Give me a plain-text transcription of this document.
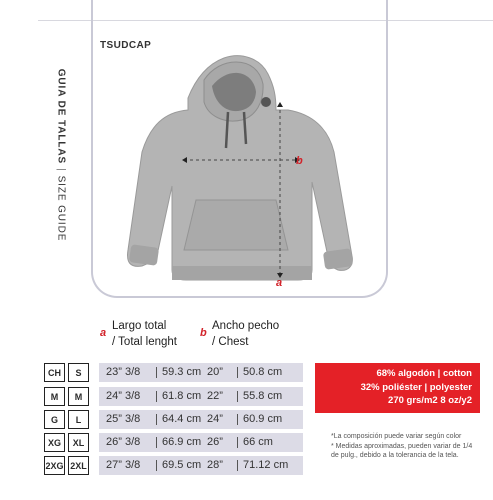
TSUDCAP
GUIA DE TALLAS|SIZE GUIDE
b
a
a
Largo total
/ Total lenght
b
Ancho pecho
/ Chest
CH	S	23” 3/8 59.3 cm 20” 50.8 cm
M	M	24” 3/8 61.8 cm 22” 55.8 cm
G	L	25” 3/8 64.4 cm 24” 60.9 cm
XG	XL	26” 3/8 66.9 cm 26” 66 cm
2XG 2XL 27” 3/8 69.5 cm 28” 71.12 cm
68% algodón | cotton
32% poliéster | polyester
270 grs/m2 8 oz/y2
*La composición puede variar según color
* Medidas aproximadas, pueden variar de 1/4 de pulg., debido a la tolerancia de la tela.
